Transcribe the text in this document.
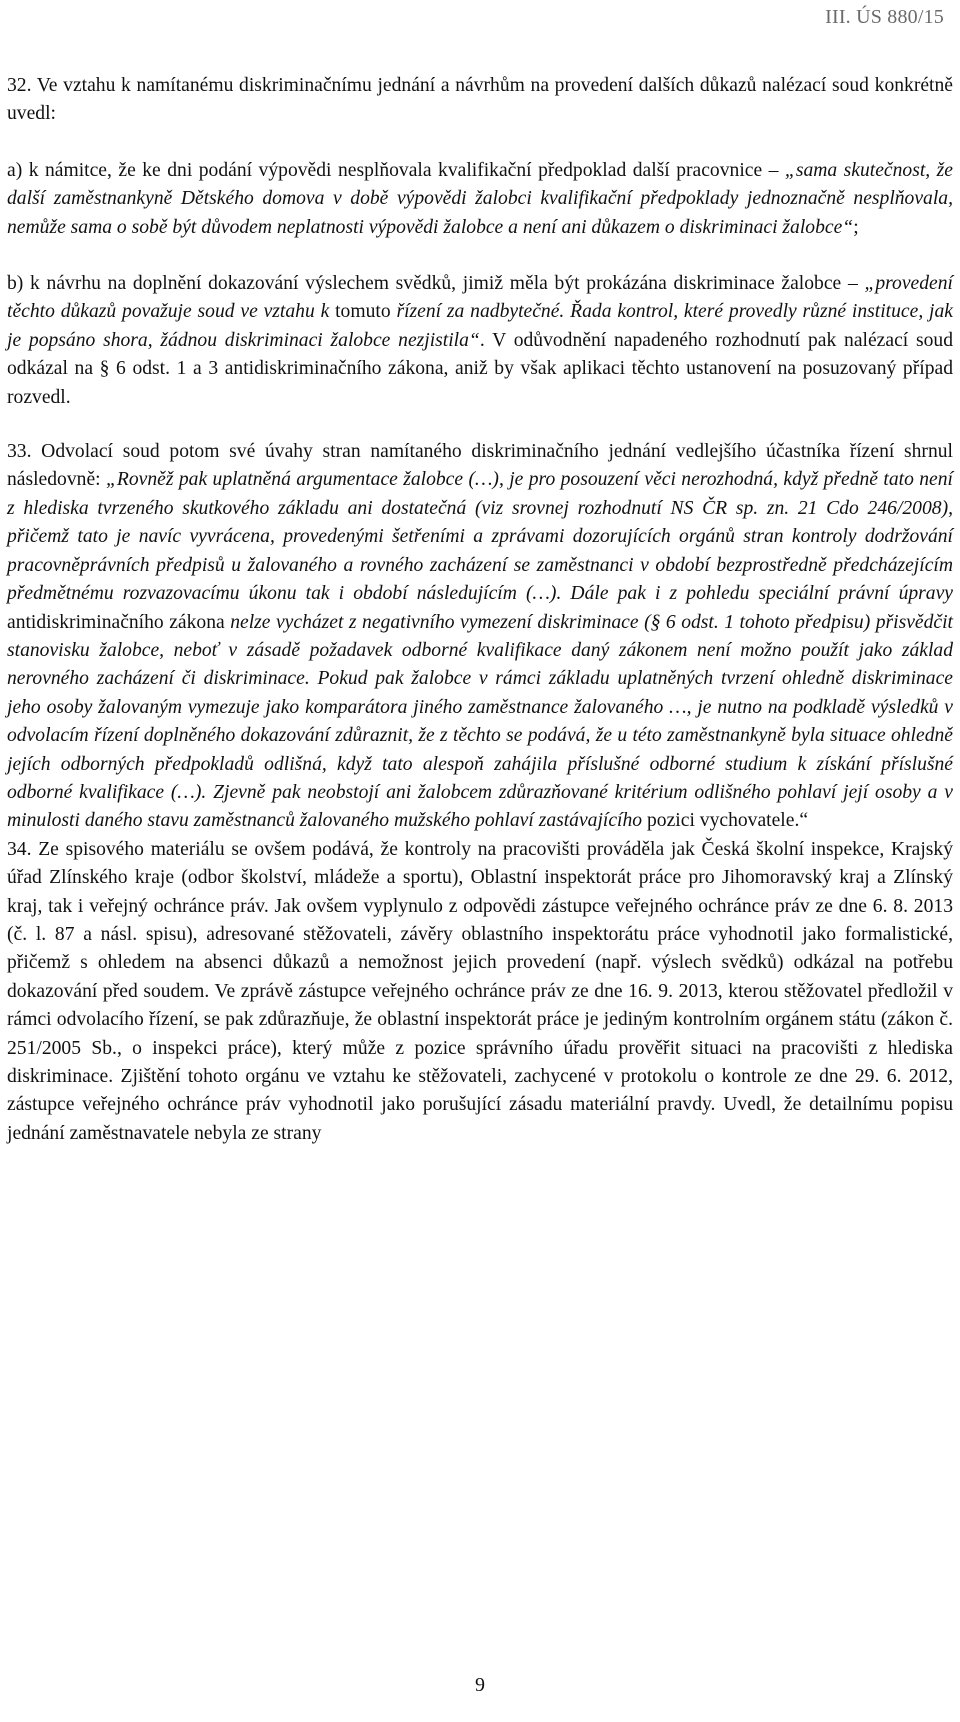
III. ÚS 880/15

32. Ve vztahu k namítanému diskriminačnímu jednání a návrhům na provedení dalších důkazů nalézací soud konkrétně uvedl:

a) k námitce, že ke dni podání výpovědi nesplňovala kvalifikační předpoklad další pracovnice – „sama skutečnost, že další zaměstnankyně Dětského domova v době výpovědi žalobci kvalifikační předpoklady jednoznačně nesplňovala, nemůže sama o sobě být důvodem neplatnosti výpovědi žalobce a není ani důkazem o diskriminaci žalobce“;

b) k návrhu na doplnění dokazování výslechem svědků, jimiž měla být prokázána diskriminace žalobce – „provedení těchto důkazů považuje soud ve vztahu k tomuto řízení za nadbytečné. Řada kontrol, které provedly různé instituce, jak je popsáno shora, žádnou diskriminaci žalobce nezjistila“. V odůvodnění napadeného rozhodnutí pak nalézací soud odkázal na § 6 odst. 1 a 3 antidiskriminačního zákona, aniž by však aplikaci těchto ustanovení na posuzovaný případ rozvedl.

33. Odvolací soud potom své úvahy stran namítaného diskriminačního jednání vedlejšího účastníka řízení shrnul následovně: „Rovněž pak uplatněná argumentace žalobce (…), je pro posouzení věci nerozhodná, když předně tato není z hlediska tvrzeného skutkového základu ani dostatečná (viz srovnej rozhodnutí NS ČR sp. zn. 21 Cdo 246/2008), přičemž tato je navíc vyvrácena, provedenými šetřeními a zprávami dozorujících orgánů stran kontroly dodržování pracovněprávních předpisů u žalovaného a rovného zacházení se zaměstnanci v období bezprostředně předcházejícím předmětnému rozvazovacímu úkonu tak i období následujícím (…). Dále pak i z pohledu speciální právní úpravy antidiskriminačního zákona nelze vycházet z negativního vymezení diskriminace (§ 6 odst. 1 tohoto předpisu) přisvědčit stanovisku žalobce, neboť v zásadě požadavek odborné kvalifikace daný zákonem není možno použít jako základ nerovného zacházení či diskriminace. Pokud pak žalobce v rámci základu uplatněných tvrzení ohledně diskriminace jeho osoby žalovaným vymezuje jako komparátora jiného zaměstnance žalovaného …, je nutno na podkladě výsledků v odvolacím řízení doplněného dokazování zdůraznit, že z těchto se podává, že u této zaměstnankyně byla situace ohledně jejích odborných předpokladů odlišná, když tato alespoň zahájila příslušné odborné studium k získání příslušné odborné kvalifikace (…). Zjevně pak neobstojí ani žalobcem zdůrazňované kritérium odlišného pohlaví její osoby a v minulosti daného stavu zaměstnanců žalovaného mužského pohlaví zastávajícího pozici vychovatele.“

34. Ze spisového materiálu se ovšem podává, že kontroly na pracovišti prováděla jak Česká školní inspekce, Krajský úřad Zlínského kraje (odbor školství, mládeže a sportu), Oblastní inspektorát práce pro Jihomoravský kraj a Zlínský kraj, tak i veřejný ochránce práv. Jak ovšem vyplynulo z odpovědi zástupce veřejného ochránce práv ze dne 6. 8. 2013 (č. l. 87 a násl. spisu), adresované stěžovateli, závěry oblastního inspektorátu práce vyhodnotil jako formalistické, přičemž s ohledem na absenci důkazů a nemožnost jejich provedení (např. výslech svědků) odkázal na potřebu dokazování před soudem. Ve zprávě zástupce veřejného ochránce práv ze dne 16. 9. 2013, kterou stěžovatel předložil v rámci odvolacího řízení, se pak zdůrazňuje, že oblastní inspektorát práce je jediným kontrolním orgánem státu (zákon č. 251/2005 Sb., o inspekci práce), který může z pozice správního úřadu prověřit situaci na pracovišti z hlediska diskriminace. Zjištění tohoto orgánu ve vztahu ke stěžovateli, zachycené v protokolu o kontrole ze dne 29. 6. 2012, zástupce veřejného ochránce práv vyhodnotil jako porušující zásadu materiální pravdy. Uvedl, že detailnímu popisu jednání zaměstnavatele nebyla ze strany

9
